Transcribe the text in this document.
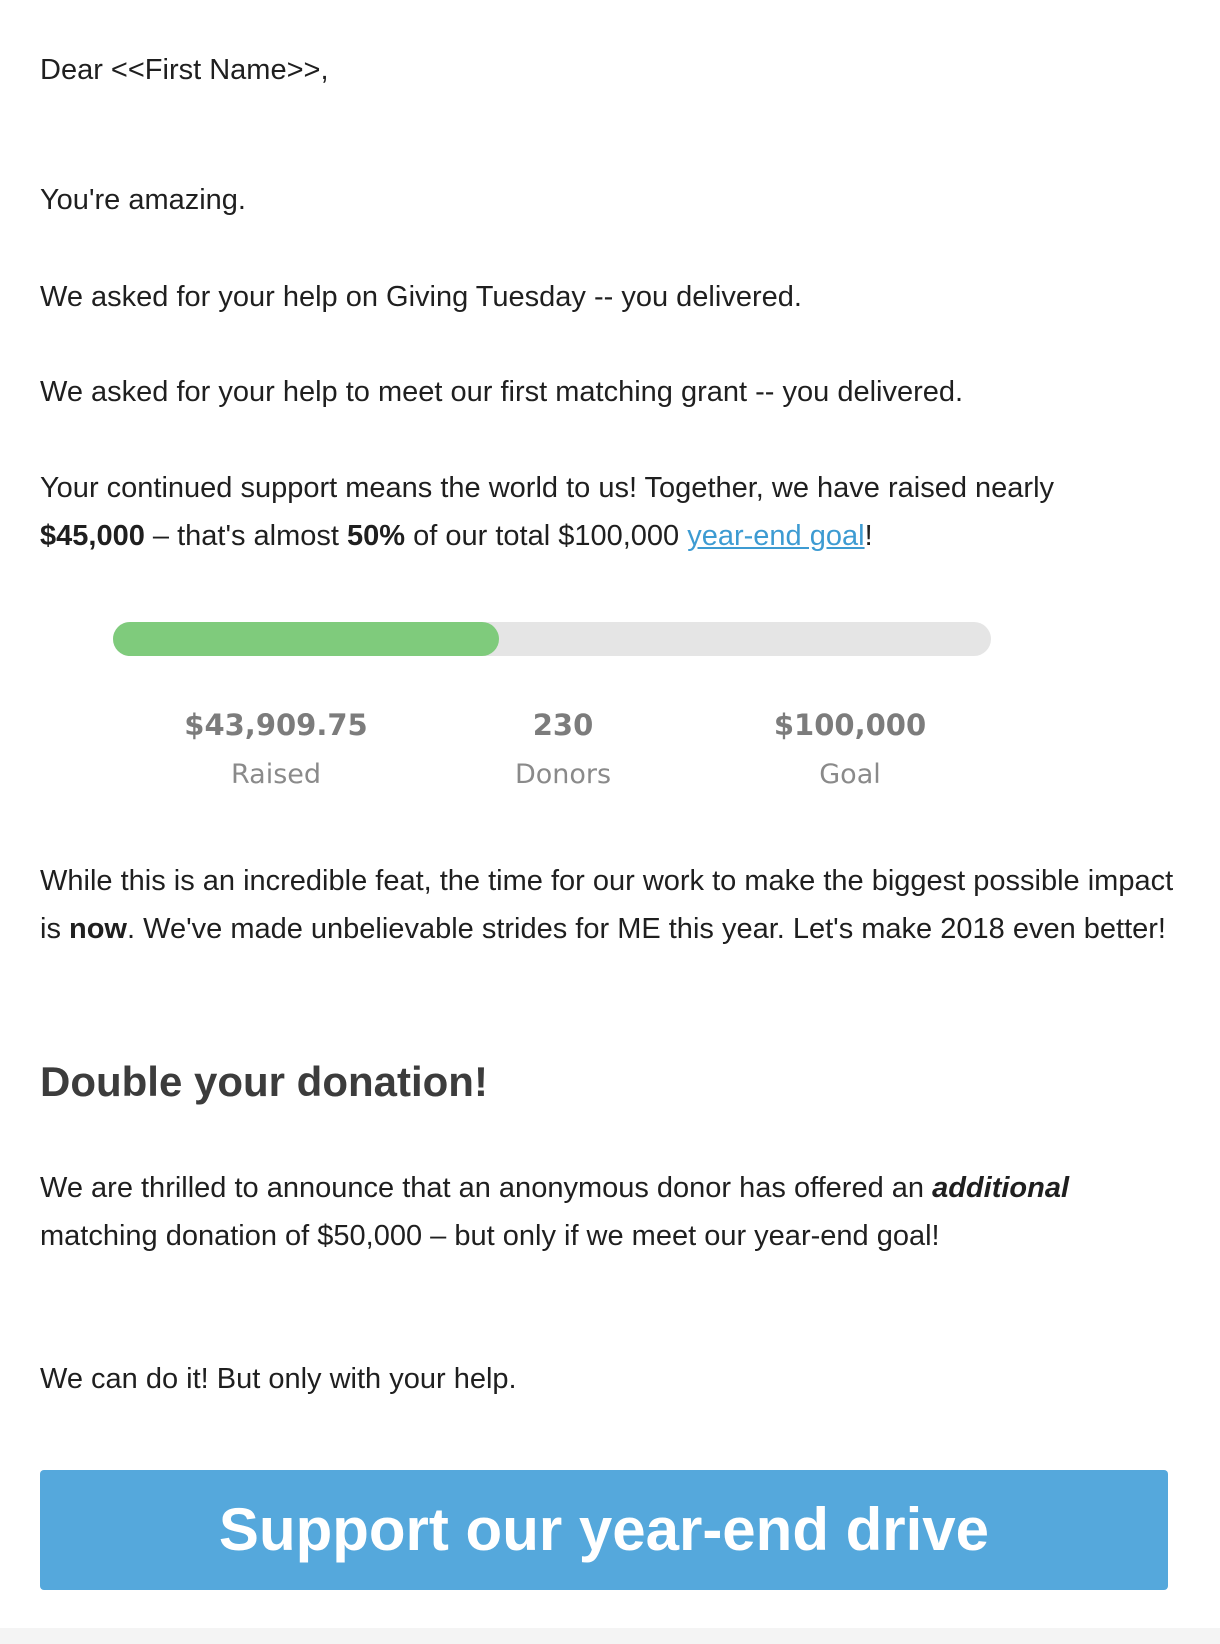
Dear <<First Name>>,

You're amazing.

We asked for your help on Giving Tuesday -- you delivered.

We asked for your help to meet our first matching grant -- you delivered.

Your continued support means the world to us! Together, we have raised nearly $45,000 – that's almost 50% of our total $100,000 year-end goal!

$43,909.75
Raised
230
Donors
$100,000
Goal

While this is an incredible feat, the time for our work to make the biggest possible impact is now. We've made unbelievable strides for ME this year. Let's make 2018 even better!

Double your donation!

We are thrilled to announce that an anonymous donor has offered an additional matching donation of $50,000 – but only if we meet our year-end goal!

We can do it! But only with your help.

Support our year-end drive
